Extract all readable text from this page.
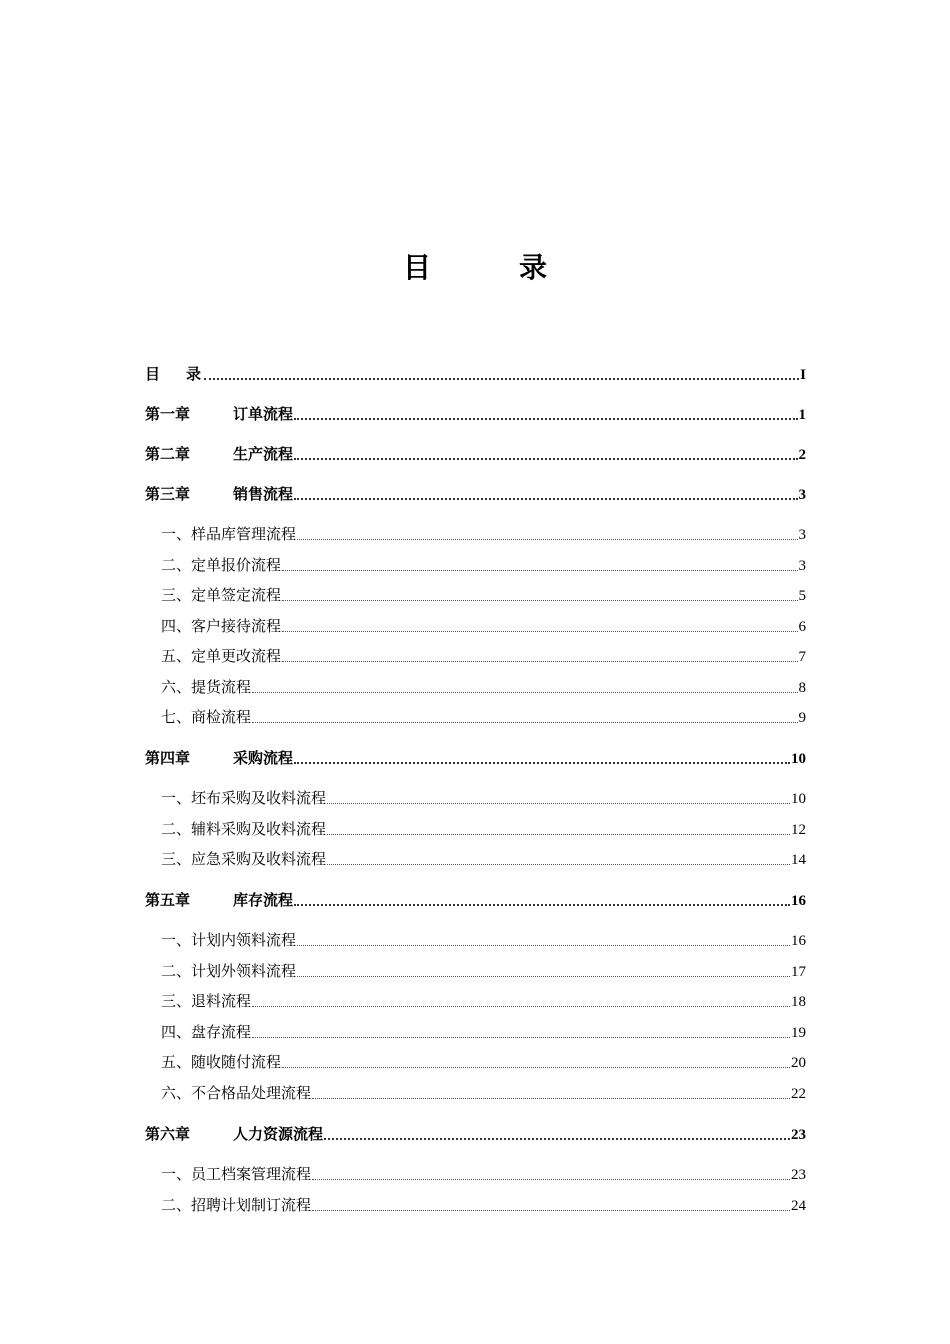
目　录
目录	I
第一章	订单流程	1
第二章	生产流程	2
第三章	销售流程	3
一、 样品库管理流程	3
二、 定单报价流程	3
三、 定单签定流程	5
四、 客户接待流程	6
五、 定单更改流程	7
六、 提货流程	8
七、 商检流程	9
第四章	采购流程	10
一、 坯布采购及收料流程	10
二、 辅料采购及收料流程	12
三、 应急采购及收料流程	14
第五章	库存流程	16
一、 计划内领料流程	16
二、 计划外领料流程	17
三、 退料流程	18
四、 盘存流程	19
五、 随收随付流程	20
六、 不合格品处理流程	22
第六章	人力资源流程	23
一、 员工档案管理流程	23
二、 招聘计划制订流程	24
